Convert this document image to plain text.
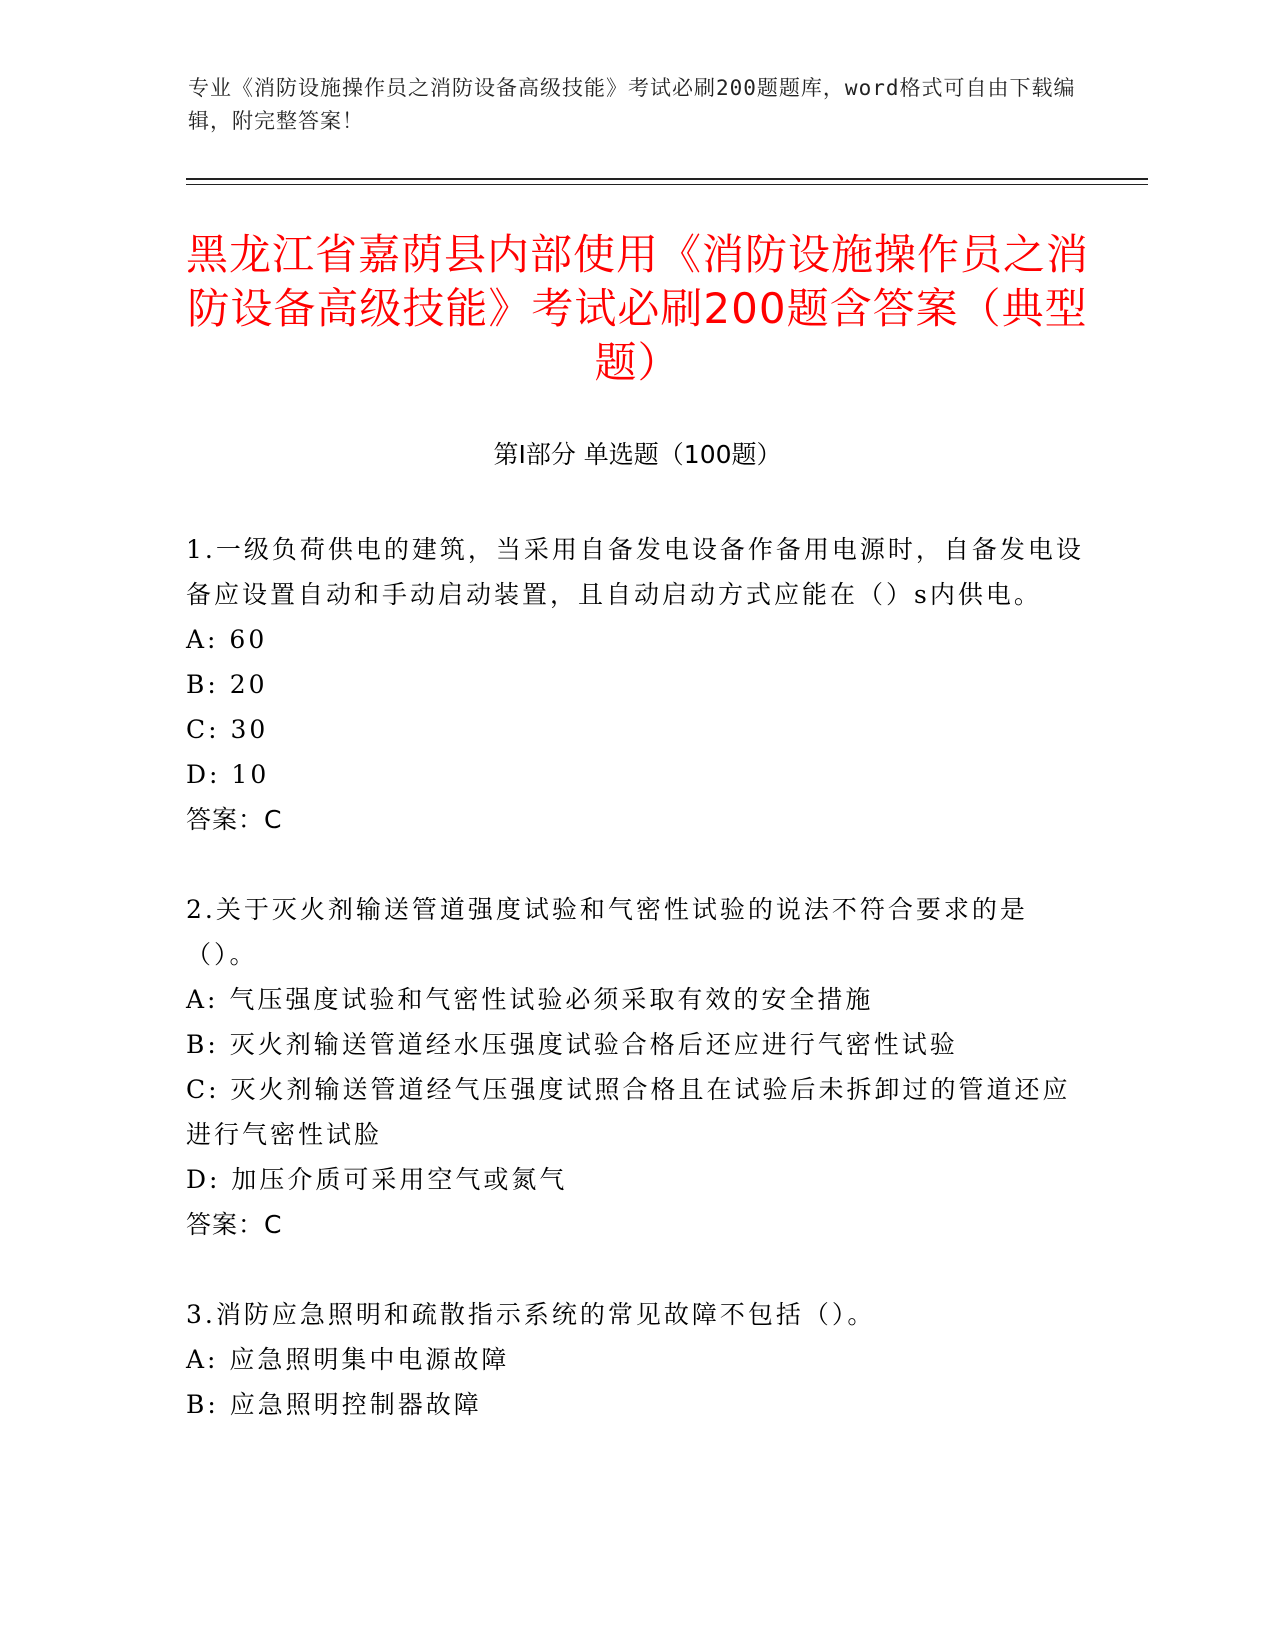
专业《消防设施操作员之消防设备高级技能》考试必刷200题题库，word格式可自由下载编辑，附完整答案！
黑龙江省嘉荫县内部使用《消防设施操作员之消防设备高级技能》考试必刷200题含答案（典型题）
第Ⅰ部分 单选题（100题）

1.一级负荷供电的建筑，当采用自备发电设备作备用电源时，自备发电设备应设置自动和手动启动装置，且自动启动方式应能在（）s内供电。

A: 60

B: 20

C: 30

D: 10

答案：C

2.关于灭火剂输送管道强度试验和气密性试验的说法不符合要求的是（）。

A: 气压强度试验和气密性试验必须采取有效的安全措施

B: 灭火剂输送管道经水压强度试验合格后还应进行气密性试验

C: 灭火剂输送管道经气压强度试照合格且在试验后未拆卸过的管道还应进行气密性试脸

D: 加压介质可采用空气或氮气

答案：C

3.消防应急照明和疏散指示系统的常见故障不包括（）。

A: 应急照明集中电源故障

B: 应急照明控制器故障
